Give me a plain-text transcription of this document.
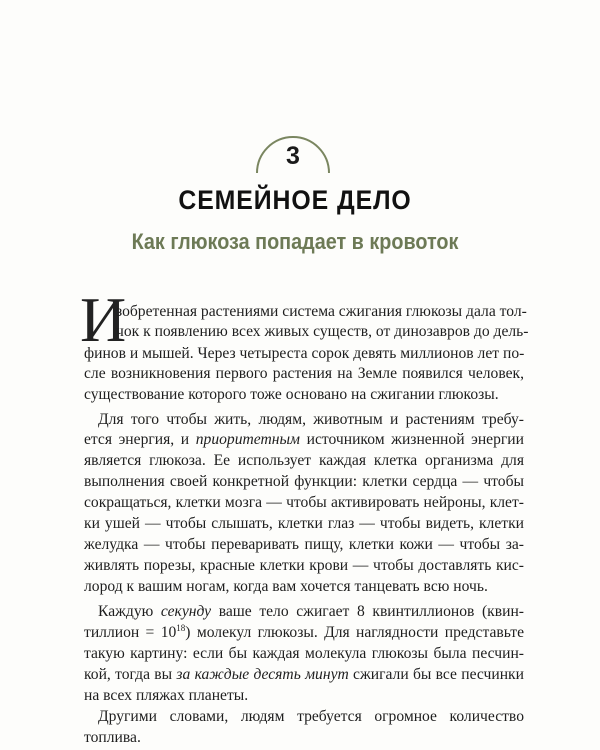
3
СЕМЕЙНОЕ ДЕЛО
Как глюкоза попадает в кровоток
И
зобретенная растениями система сжигания глюкозы дала тол-
чок к появлению всех живых существ, от динозавров до дель-
финов и мышей. Через четыреста сорок девять миллионов лет по-
сле возникновения первого растения на Земле появился человек,
существование которого тоже основано на сжигании глюкозы.
Для того чтобы жить, людям, животным и растениям требу-
ется энергия, и приоритетным источником жизненной энергии
является глюкоза. Ее использует каждая клетка организма для
выполнения своей конкретной функции: клетки сердца — чтобы
сокращаться, клетки мозга — чтобы активировать нейроны, клет-
ки ушей — чтобы слышать, клетки глаз — чтобы видеть, клетки
желудка — чтобы переваривать пищу, клетки кожи — чтобы за-
живлять порезы, красные клетки крови — чтобы доставлять кис-
лород к вашим ногам, когда вам хочется танцевать всю ночь.
Каждую секунду ваше тело сжигает 8 квинтиллионов (квин-
тиллион = $10^{18}$) молекул глюкозы. Для наглядности представьте
такую картину: если бы каждая молекула глюкозы была песчин-
кой, тогда вы за каждые десять минут сжигали бы все песчинки
на всех пляжах планеты.
Другими словами, людям требуется огромное количество
топлива.
